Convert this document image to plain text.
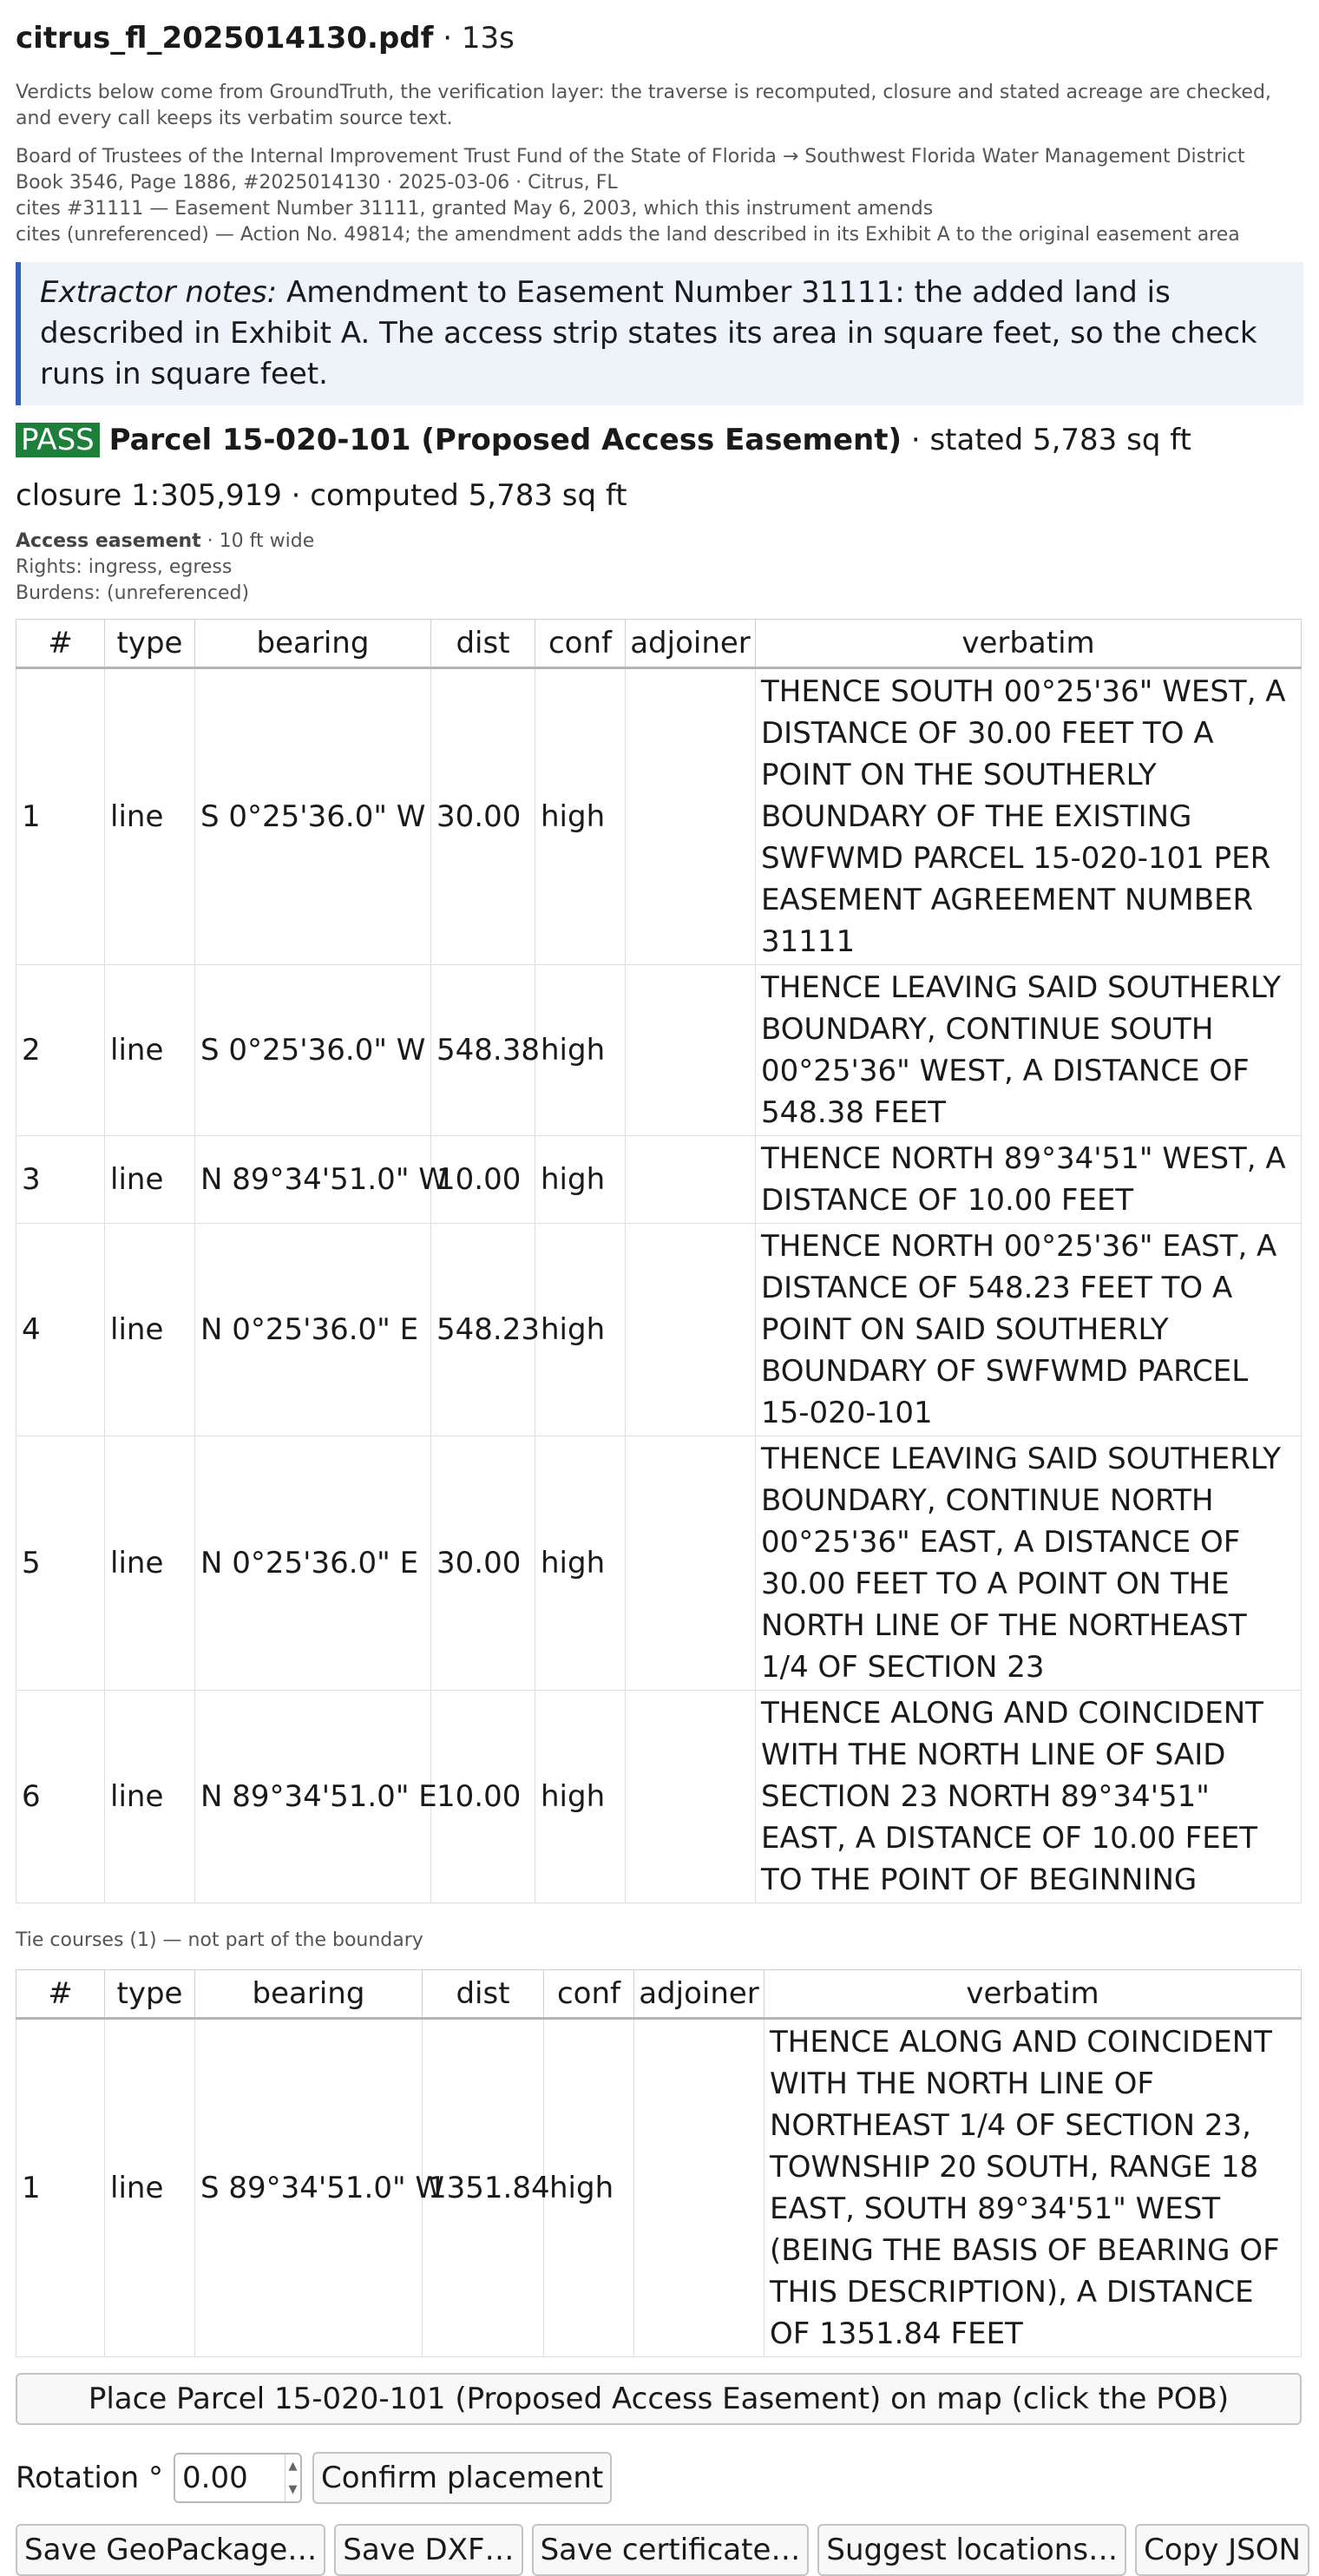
citrus_fl_2025014130.pdf · 13s
Verdicts below come from GroundTruth, the verification layer: the traverse is recomputed, closure and stated acreage are checked, and every call keeps its verbatim source text.
Board of Trustees of the Internal Improvement Trust Fund of the State of Florida → Southwest Florida Water Management District
Book 3546, Page 1886, #2025014130 · 2025-03-06 · Citrus, FL
cites #31111 — Easement Number 31111, granted May 6, 2003, which this instrument amends
cites (unreferenced) — Action No. 49814; the amendment adds the land described in its Exhibit A to the original easement area
Extractor notes: Amendment to Easement Number 31111: the added land is described in Exhibit A. The access strip states its area in square feet, so the check runs in square feet.
PASS Parcel 15-020-101 (Proposed Access Easement) · stated 5,783 sq ft
closure 1:305,919 · computed 5,783 sq ft
Access easement · 10 ft wide
Rights: ingress, egress
Burdens: (unreferenced)
#	type	bearing	dist	conf	adjoiner	verbatim
1	line	S 0°25'36.0" W	30.00	high		THENCE SOUTH 00°25'36" WEST, A DISTANCE OF 30.00 FEET TO A POINT ON THE SOUTHERLY BOUNDARY OF THE EXISTING SWFWMD PARCEL 15-020-101 PER EASEMENT AGREEMENT NUMBER 31111
2	line	S 0°25'36.0" W	548.38	high		THENCE LEAVING SAID SOUTHERLY BOUNDARY, CONTINUE SOUTH 00°25'36" WEST, A DISTANCE OF 548.38 FEET
3	line	N 89°34'51.0" W	10.00	high		THENCE NORTH 89°34'51" WEST, A DISTANCE OF 10.00 FEET
4	line	N 0°25'36.0" E	548.23	high		THENCE NORTH 00°25'36" EAST, A DISTANCE OF 548.23 FEET TO A POINT ON SAID SOUTHERLY BOUNDARY OF SWFWMD PARCEL 15-020-101
5	line	N 0°25'36.0" E	30.00	high		THENCE LEAVING SAID SOUTHERLY BOUNDARY, CONTINUE NORTH 00°25'36" EAST, A DISTANCE OF 30.00 FEET TO A POINT ON THE NORTH LINE OF THE NORTHEAST 1/4 OF SECTION 23
6	line	N 89°34'51.0" E	10.00	high		THENCE ALONG AND COINCIDENT WITH THE NORTH LINE OF SAID SECTION 23 NORTH 89°34'51" EAST, A DISTANCE OF 10.00 FEET TO THE POINT OF BEGINNING
Tie courses (1) — not part of the boundary
#	type	bearing	dist	conf	adjoiner	verbatim
1	line	S 89°34'51.0" W	1351.84	high		THENCE ALONG AND COINCIDENT WITH THE NORTH LINE OF NORTHEAST 1/4 OF SECTION 23, TOWNSHIP 20 SOUTH, RANGE 18 EAST, SOUTH 89°34'51" WEST (BEING THE BASIS OF BEARING OF THIS DESCRIPTION), A DISTANCE OF 1351.84 FEET
Place Parcel 15-020-101 (Proposed Access Easement) on map (click the POB)
Rotation °
0.00	▲
▼ Confirm placement
Save GeoPackage… Save DXF… Save certificate… Suggest locations… Copy JSON
